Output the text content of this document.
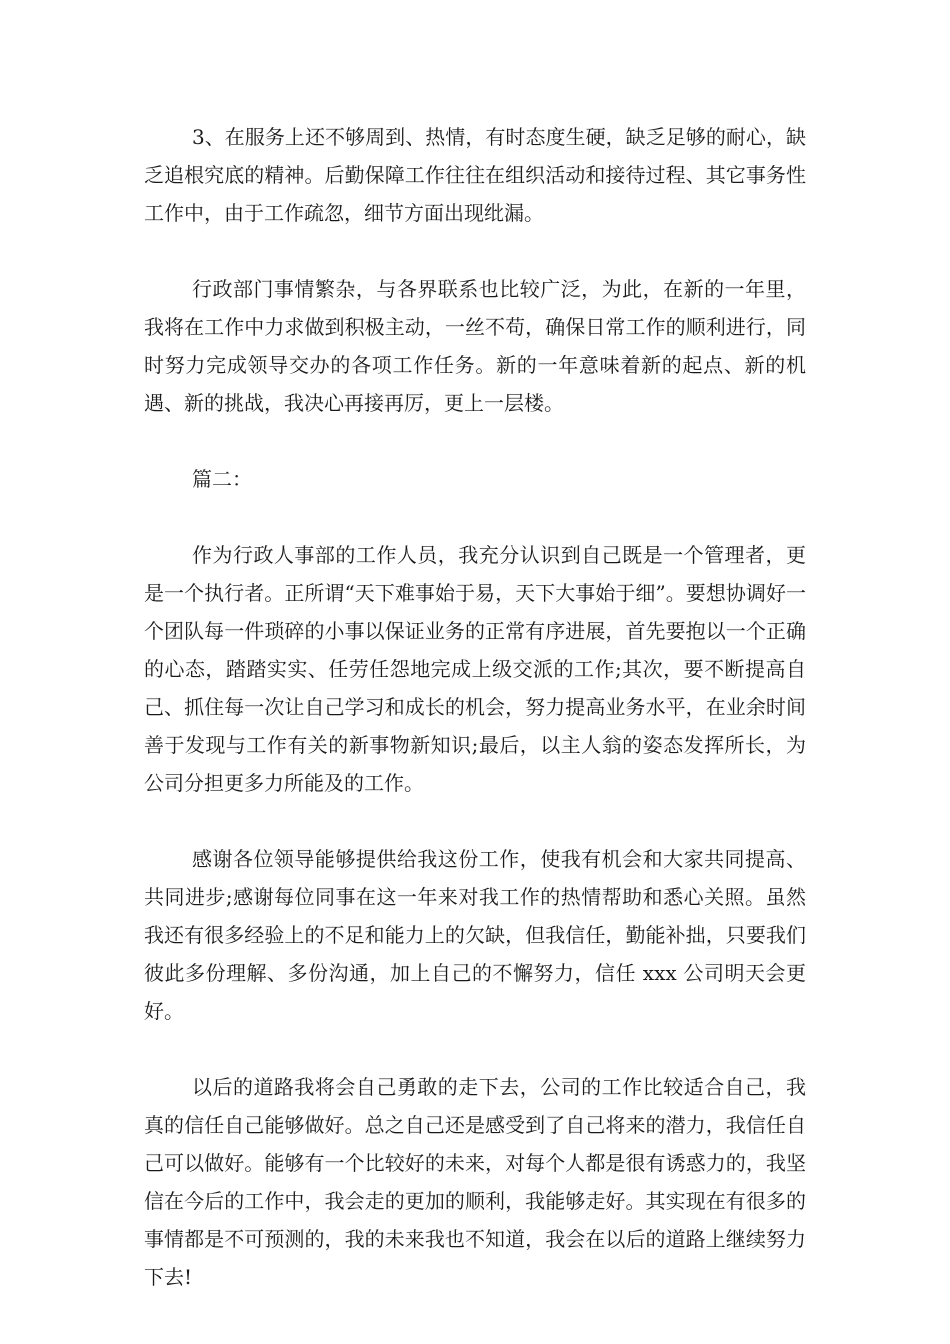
3、在服务上还不够周到、热情，有时态度生硬，缺乏足够的耐心，缺乏追根究底的精神。后勤保障工作往往在组织活动和接待过程、其它事务性工作中，由于工作疏忽，细节方面出现纰漏。

行政部门事情繁杂，与各界联系也比较广泛，为此，在新的一年里，我将在工作中力求做到积极主动，一丝不苟，确保日常工作的顺利进行，同时努力完成领导交办的各项工作任务。新的一年意味着新的起点、新的机遇、新的挑战，我决心再接再厉，更上一层楼。

篇二：

作为行政人事部的工作人员，我充分认识到自己既是一个管理者，更是一个执行者。正所谓“天下难事始于易，天下大事始于细”。要想协调好一个团队每一件琐碎的小事以保证业务的正常有序进展，首先要抱以一个正确的心态，踏踏实实、任劳任怨地完成上级交派的工作;其次，要不断提高自己、抓住每一次让自己学习和成长的机会，努力提高业务水平，在业余时间善于发现与工作有关的新事物新知识;最后，以主人翁的姿态发挥所长，为公司分担更多力所能及的工作。

感谢各位领导能够提供给我这份工作，使我有机会和大家共同提高、共同进步;感谢每位同事在这一年来对我工作的热情帮助和悉心关照。虽然我还有很多经验上的不足和能力上的欠缺，但我信任，勤能补拙，只要我们彼此多份理解、多份沟通，加上自己的不懈努力，信任 xxx 公司明天会更好。

以后的道路我将会自己勇敢的走下去，公司的工作比较适合自己，我真的信任自己能够做好。总之自己还是感受到了自己将来的潜力，我信任自己可以做好。能够有一个比较好的未来，对每个人都是很有诱惑力的，我坚信在今后的工作中，我会走的更加的顺利，我能够走好。其实现在有很多的事情都是不可预测的，我的未来我也不知道，我会在以后的道路上继续努力下去!
